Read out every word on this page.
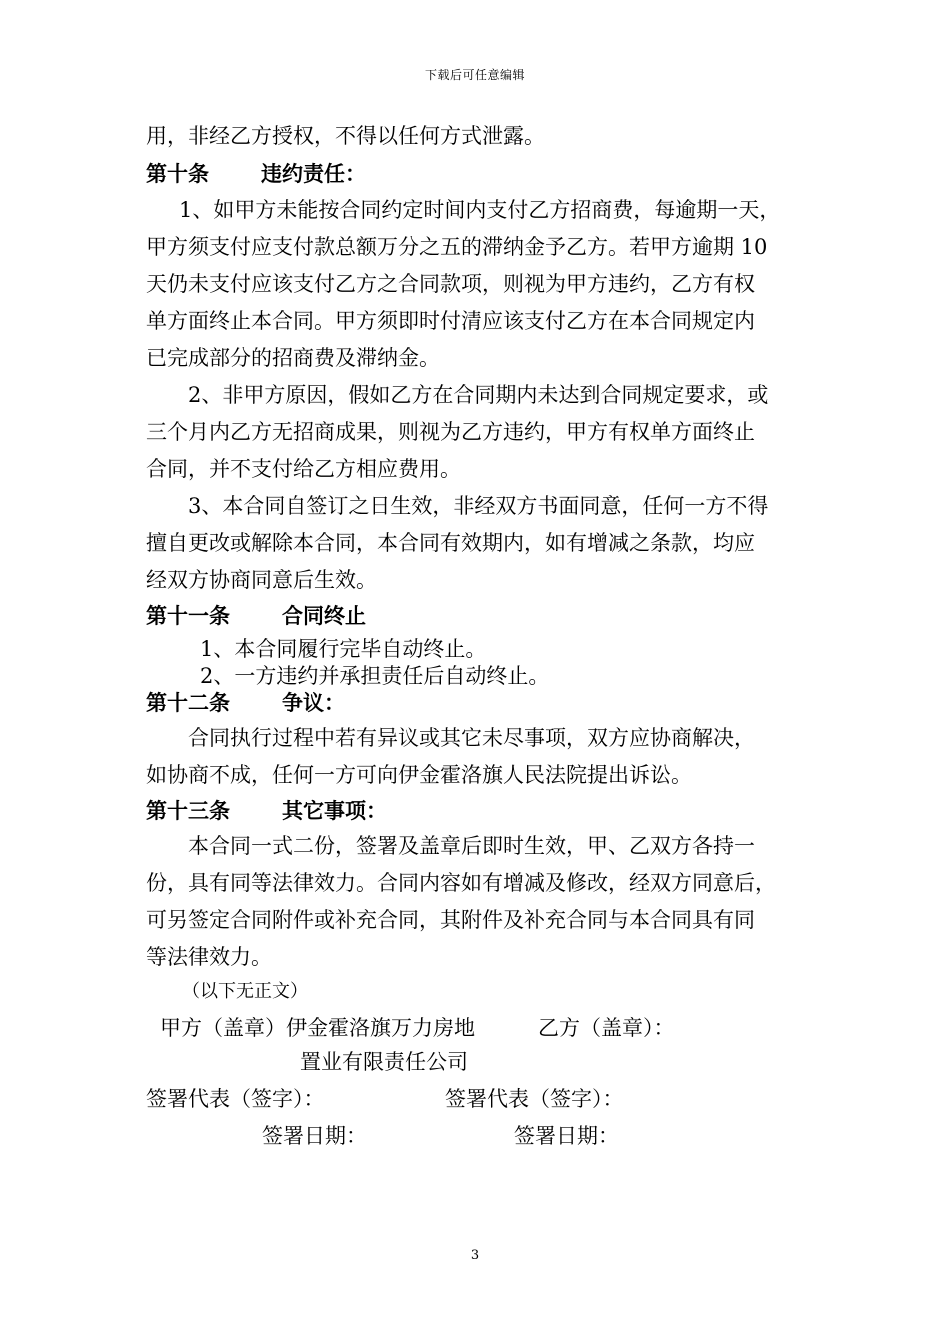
下载后可任意编辑
用，非经乙方授权，不得以任何方式泄露。
第十条 违约责任：
1、如甲方未能按合同约定时间内支付乙方招商费，每逾期一天，
甲方须支付应支付款总额万分之五的滞纳金予乙方。若甲方逾期 10
天仍未支付应该支付乙方之合同款项，则视为甲方违约，乙方有权
单方面终止本合同。甲方须即时付清应该支付乙方在本合同规定内
已完成部分的招商费及滞纳金。
2、非甲方原因，假如乙方在合同期内未达到合同规定要求，或
三个月内乙方无招商成果，则视为乙方违约，甲方有权单方面终止
合同，并不支付给乙方相应费用。
3、本合同自签订之日生效，非经双方书面同意，任何一方不得
擅自更改或解除本合同，本合同有效期内，如有增减之条款，均应
经双方协商同意后生效。
第十一条 合同终止
1、本合同履行完毕自动终止。
2、一方违约并承担责任后自动终止。
第十二条 争议：
合同执行过程中若有异议或其它未尽事项，双方应协商解决，
如协商不成，任何一方可向伊金霍洛旗人民法院提出诉讼。
第十三条 其它事项：
本合同一式二份，签署及盖章后即时生效，甲、乙双方各持一
份，具有同等法律效力。合同内容如有增减及修改，经双方同意后，
可另签定合同附件或补充合同，其附件及补充合同与本合同具有同
等法律效力。
（以下无正文）
甲方（盖章）伊金霍洛旗万力房地	乙方（盖章）：
置业有限责任公司
签署代表（签字）：	签署代表（签字）：
签署日期：	签署日期：
3
